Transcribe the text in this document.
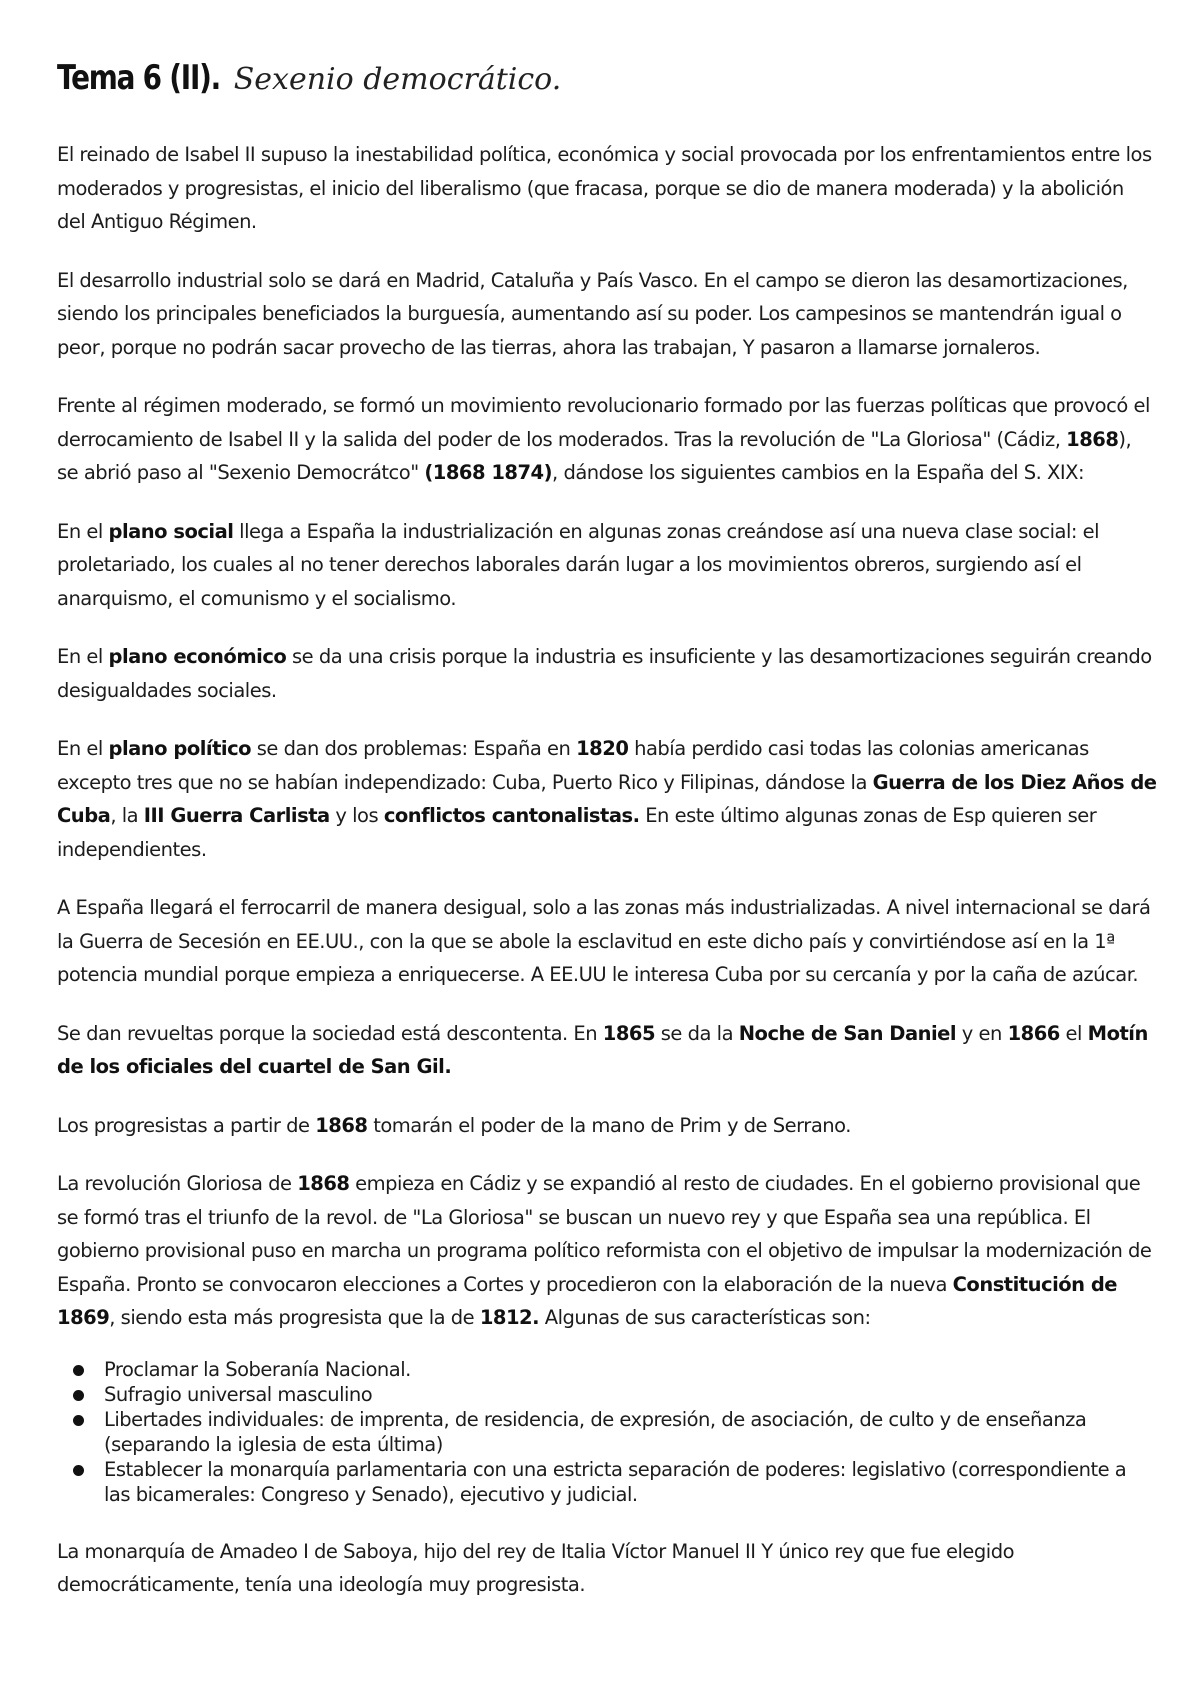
Tema 6 (II). Sexenio democrático.

El reinado de Isabel II supuso la inestabilidad política, económica y social provocada por los enfrentamientos entre los moderados y progresistas, el inicio del liberalismo (que fracasa, porque se dio de manera moderada) y la abolición del Antiguo Régimen.

El desarrollo industrial solo se dará en Madrid, Cataluña y País Vasco. En el campo se dieron las desamortizaciones, siendo los principales beneficiados la burguesía, aumentando así su poder. Los campesinos se mantendrán igual o peor, porque no podrán sacar provecho de las tierras, ahora las trabajan, Y pasaron a llamarse jornaleros.

Frente al régimen moderado, se formó un movimiento revolucionario formado por las fuerzas políticas que provocó el derrocamiento de Isabel II y la salida del poder de los moderados. Tras la revolución de "La Gloriosa" (Cádiz, 1868), se abrió paso al "Sexenio Democrátco" (1868 1874), dándose los siguientes cambios en la España del S. XIX:

En el plano social llega a España la industrialización en algunas zonas creándose así una nueva clase social: el proletariado, los cuales al no tener derechos laborales darán lugar a los movimientos obreros, surgiendo así el anarquismo, el comunismo y el socialismo.

En el plano económico se da una crisis porque la industria es insuficiente y las desamortizaciones seguirán creando desigualdades sociales.

En el plano político se dan dos problemas: España en 1820 había perdido casi todas las colonias americanas excepto tres que no se habían independizado: Cuba, Puerto Rico y Filipinas, dándose la Guerra de los Diez Años de Cuba, la III Guerra Carlista y los conflictos cantonalistas. En este último algunas zonas de Esp quieren ser independientes.

A España llegará el ferrocarril de manera desigual, solo a las zonas más industrializadas. A nivel internacional se dará la Guerra de Secesión en EE.UU., con la que se abole la esclavitud en este dicho país y convirtiéndose así en la 1ª potencia mundial porque empieza a enriquecerse. A EE.UU le interesa Cuba por su cercanía y por la caña de azúcar.

Se dan revueltas porque la sociedad está descontenta. En 1865 se da la Noche de San Daniel y en 1866 el Motín de los oficiales del cuartel de San Gil.

Los progresistas a partir de 1868 tomarán el poder de la mano de Prim y de Serrano.

La revolución Gloriosa de 1868 empieza en Cádiz y se expandió al resto de ciudades. En el gobierno provisional que se formó tras el triunfo de la revol. de "La Gloriosa" se buscan un nuevo rey y que España sea una república. El gobierno provisional puso en marcha un programa político reformista con el objetivo de impulsar la modernización de España. Pronto se convocaron elecciones a Cortes y procedieron con la elaboración de la nueva Constitución de 1869, siendo esta más progresista que la de 1812. Algunas de sus características son:

Proclamar la Soberanía Nacional.
Sufragio universal masculino
Libertades individuales: de imprenta, de residencia, de expresión, de asociación, de culto y de enseñanza (separando la iglesia de esta última)
Establecer la monarquía parlamentaria con una estricta separación de poderes: legislativo (correspondiente a las bicamerales: Congreso y Senado), ejecutivo y judicial.

La monarquía de Amadeo I de Saboya, hijo del rey de Italia Víctor Manuel II Y único rey que fue elegido democráticamente, tenía una ideología muy progresista.
